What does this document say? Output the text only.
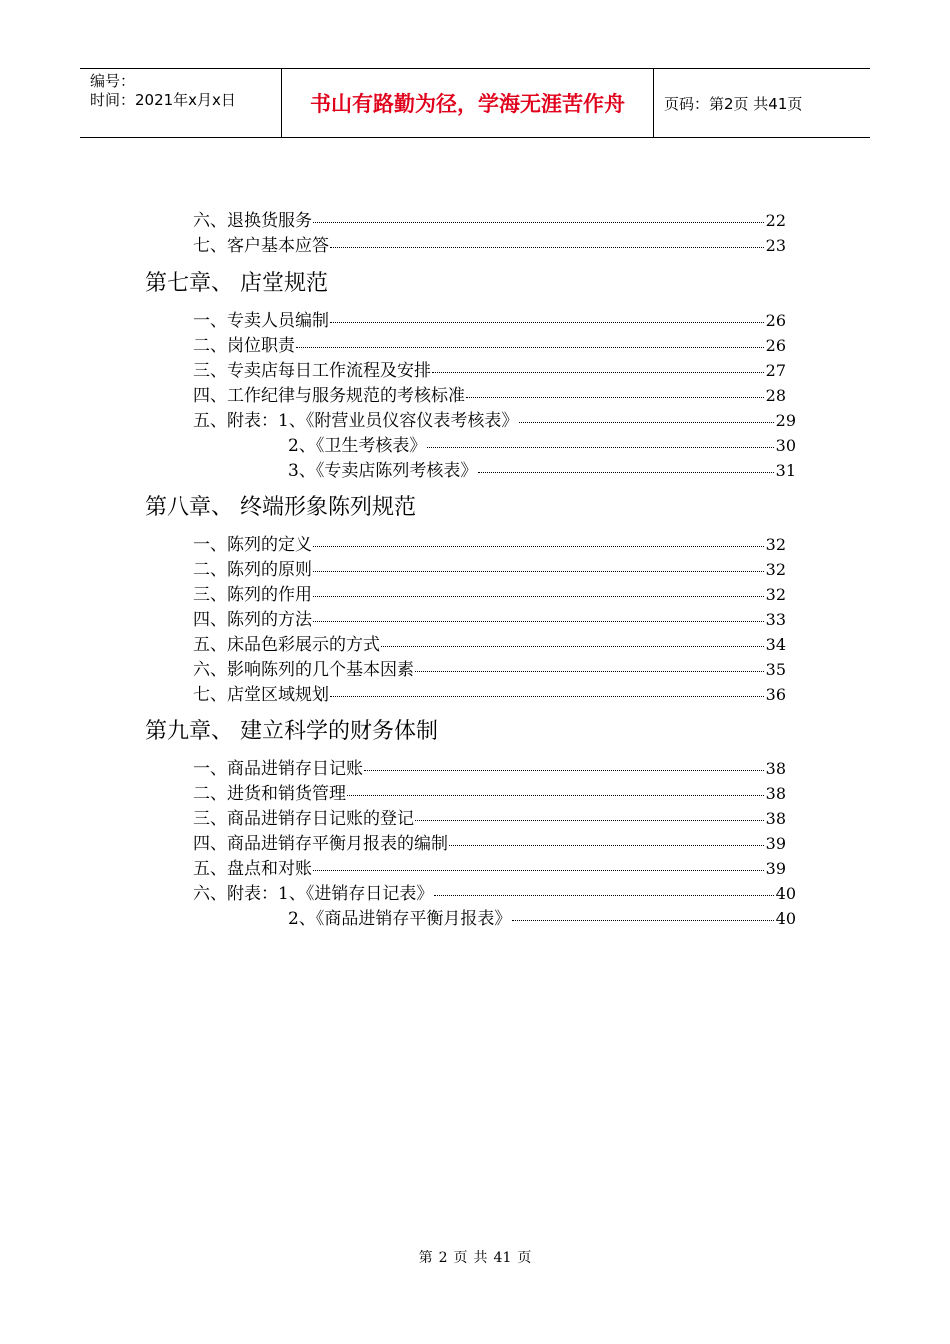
编号：
时间：2021年x月x日	书山有路勤为径，学海无涯苦作舟	页码：第2页 共41页
六、退换货服务	22
七、客户基本应答	23
第七章、 店堂规范
一、专卖人员编制	26
二、岗位职责	26
三、专卖店每日工作流程及安排	27
四、工作纪律与服务规范的考核标准	28
五、附表：1、《附营业员仪容仪表考核表》	29
2、《卫生考核表》	30
3、《专卖店陈列考核表》	31
第八章、 终端形象陈列规范
一、陈列的定义	32
二、陈列的原则	32
三、陈列的作用	32
四、陈列的方法	33
五、床品色彩展示的方式	34
六、影响陈列的几个基本因素	35
七、店堂区域规划	36
第九章、 建立科学的财务体制
一、商品进销存日记账	38
二、进货和销货管理	38
三、商品进销存日记账的登记	38
四、商品进销存平衡月报表的编制	39
五、盘点和对账	39
六、附表：1、《进销存日记表》	40
2、《商品进销存平衡月报表》	40
第 2 页 共 41 页
